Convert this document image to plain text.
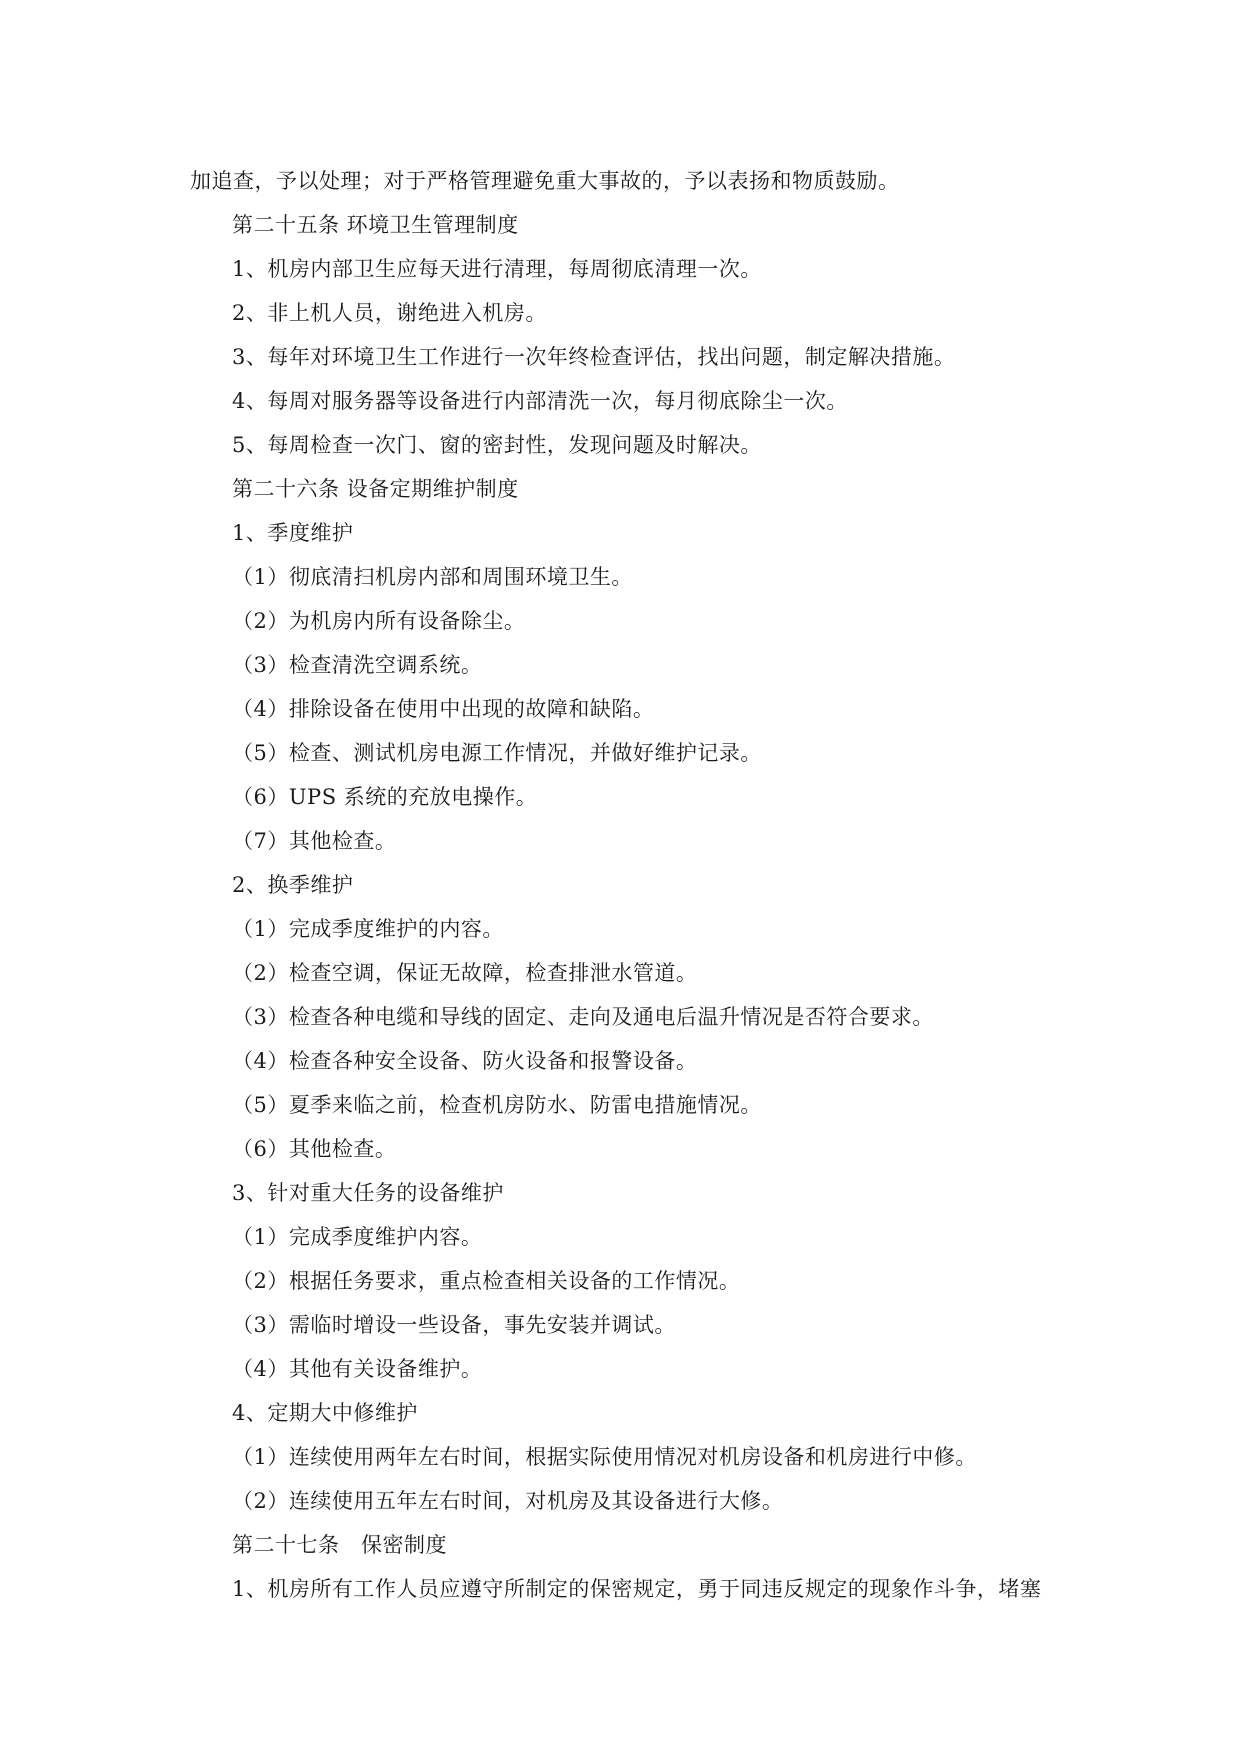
加追查，予以处理；对于严格管理避免重大事故的，予以表扬和物质鼓励。
第二十五条 环境卫生管理制度
1、机房内部卫生应每天进行清理，每周彻底清理一次。
2、非上机人员，谢绝进入机房。
3、每年对环境卫生工作进行一次年终检查评估，找出问题，制定解决措施。
4、每周对服务器等设备进行内部清洗一次，每月彻底除尘一次。
5、每周检查一次门、窗的密封性，发现问题及时解决。
第二十六条 设备定期维护制度
1、季度维护
（1）彻底清扫机房内部和周围环境卫生。
（2）为机房内所有设备除尘。
（3）检查清洗空调系统。
（4）排除设备在使用中出现的故障和缺陷。
（5）检查、测试机房电源工作情况，并做好维护记录。
（6）UPS 系统的充放电操作。
（7）其他检查。
2、换季维护
（1）完成季度维护的内容。
（2）检查空调，保证无故障，检查排泄水管道。
（3）检查各种电缆和导线的固定、走向及通电后温升情况是否符合要求。
（4）检查各种安全设备、防火设备和报警设备。
（5）夏季来临之前，检查机房防水、防雷电措施情况。
（6）其他检查。
3、针对重大任务的设备维护
（1）完成季度维护内容。
（2）根据任务要求，重点检查相关设备的工作情况。
（3）需临时增设一些设备，事先安装并调试。
（4）其他有关设备维护。
4、定期大中修维护
（1）连续使用两年左右时间，根据实际使用情况对机房设备和机房进行中修。
（2）连续使用五年左右时间，对机房及其设备进行大修。
第二十七条　保密制度
1、机房所有工作人员应遵守所制定的保密规定，勇于同违反规定的现象作斗争，堵塞
